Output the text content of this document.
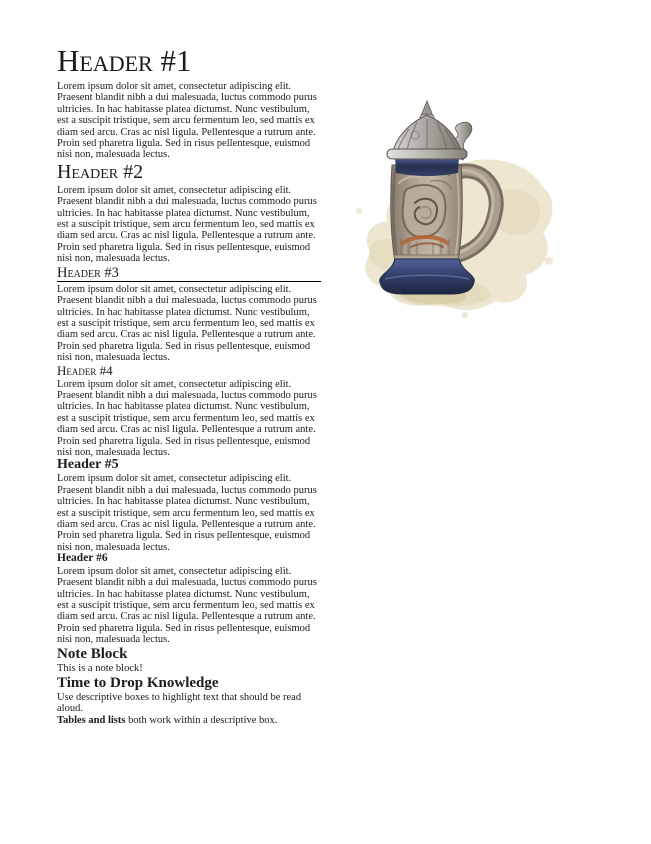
Header #1

Lorem ipsum dolor sit amet, consectetur adipiscing elit. Praesent blandit nibh a dui malesuada, luctus commodo purus ultricies. In hac habitasse platea dictumst. Nunc vestibulum, est a suscipit tristique, sem arcu fermentum leo, sed mattis ex diam sed arcu. Cras ac nisl ligula. Pellentesque a rutrum ante. Proin sed pharetra ligula. Sed in risus pellentesque, euismod nisi non, malesuada lectus.

Header #2

Lorem ipsum dolor sit amet, consectetur adipiscing elit. Praesent blandit nibh a dui malesuada, luctus commodo purus ultricies. In hac habitasse platea dictumst. Nunc vestibulum, est a suscipit tristique, sem arcu fermentum leo, sed mattis ex diam sed arcu. Cras ac nisl ligula. Pellentesque a rutrum ante. Proin sed pharetra ligula. Sed in risus pellentesque, euismod nisi non, malesuada lectus.

Header #3

Lorem ipsum dolor sit amet, consectetur adipiscing elit. Praesent blandit nibh a dui malesuada, luctus commodo purus ultricies. In hac habitasse platea dictumst. Nunc vestibulum, est a suscipit tristique, sem arcu fermentum leo, sed mattis ex diam sed arcu. Cras ac nisl ligula. Pellentesque a rutrum ante. Proin sed pharetra ligula. Sed in risus pellentesque, euismod nisi non, malesuada lectus.

Header #4

Lorem ipsum dolor sit amet, consectetur adipiscing elit. Praesent blandit nibh a dui malesuada, luctus commodo purus ultricies. In hac habitasse platea dictumst. Nunc vestibulum, est a suscipit tristique, sem arcu fermentum leo, sed mattis ex diam sed arcu. Cras ac nisl ligula. Pellentesque a rutrum ante. Proin sed pharetra ligula. Sed in risus pellentesque, euismod nisi non, malesuada lectus.

Header #5

Lorem ipsum dolor sit amet, consectetur adipiscing elit. Praesent blandit nibh a dui malesuada, luctus commodo purus ultricies. In hac habitasse platea dictumst. Nunc vestibulum, est a suscipit tristique, sem arcu fermentum leo, sed mattis ex diam sed arcu. Cras ac nisl ligula. Pellentesque a rutrum ante. Proin sed pharetra ligula. Sed in risus pellentesque, euismod nisi non, malesuada lectus.

Header #6

Lorem ipsum dolor sit amet, consectetur adipiscing elit. Praesent blandit nibh a dui malesuada, luctus commodo purus ultricies. In hac habitasse platea dictumst. Nunc vestibulum, est a suscipit tristique, sem arcu fermentum leo, sed mattis ex diam sed arcu. Cras ac nisl ligula. Pellentesque a rutrum ante. Proin sed pharetra ligula. Sed in risus pellentesque, euismod nisi non, malesuada lectus.

Note Block

This is a note block!

Time to Drop Knowledge

Use descriptive boxes to highlight text that should be read aloud.

Tables and lists both work within a descriptive box.
